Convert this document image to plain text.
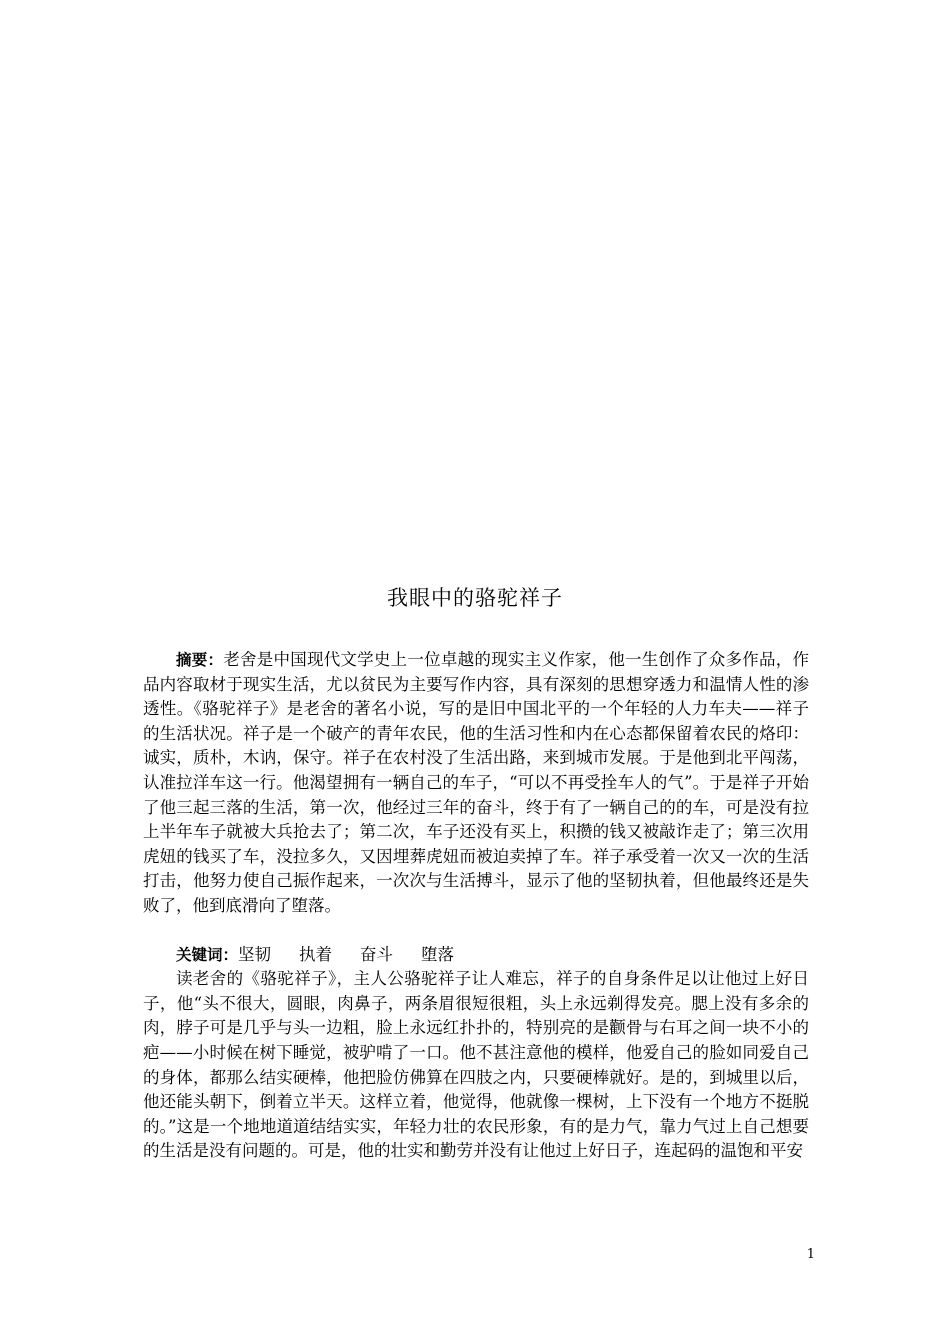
我眼中的骆驼祥子

摘要：老舍是中国现代文学史上一位卓越的现实主义作家，他一生创作了众多作品，作品内容取材于现实生活，尤以贫民为主要写作内容，具有深刻的思想穿透力和温情人性的渗透性。《骆驼祥子》是老舍的著名小说，写的是旧中国北平的一个年轻的人力车夫——祥子的生活状况。祥子是一个破产的青年农民，他的生活习性和内在心态都保留着农民的烙印：诚实，质朴，木讷，保守。祥子在农村没了生活出路，来到城市发展。于是他到北平闯荡，认准拉洋车这一行。他渴望拥有一辆自己的车子，“可以不再受拴车人的气”。于是祥子开始了他三起三落的生活，第一次，他经过三年的奋斗，终于有了一辆自己的的车，可是没有拉上半年车子就被大兵抢去了；第二次，车子还没有买上，积攒的钱又被敲诈走了；第三次用虎妞的钱买了车，没拉多久，又因埋葬虎妞而被迫卖掉了车。祥子承受着一次又一次的生活打击，他努力使自己振作起来，一次次与生活搏斗，显示了他的坚韧执着，但他最终还是失败了，他到底滑向了堕落。

关键词：坚韧 执着 奋斗 堕落

读老舍的《骆驼祥子》，主人公骆驼祥子让人难忘，祥子的自身条件足以让他过上好日子，他“头不很大，圆眼，肉鼻子，两条眉很短很粗，头上永远剃得发亮。腮上没有多余的肉，脖子可是几乎与头一边粗，脸上永远红扑扑的，特别亮的是颧骨与右耳之间一块不小的疤——小时候在树下睡觉，被驴啃了一口。他不甚注意他的模样，他爱自己的脸如同爱自己的身体，都那么结实硬棒，他把脸仿佛算在四肢之内，只要硬棒就好。是的，到城里以后，他还能头朝下，倒着立半天。这样立着，他觉得，他就像一棵树，上下没有一个地方不挺脱的。”这是一个地地道道结结实实，年轻力壮的农民形象，有的是力气，靠力气过上自己想要的生活是没有问题的。可是，他的壮实和勤劳并没有让他过上好日子，连起码的温饱和平安

1
